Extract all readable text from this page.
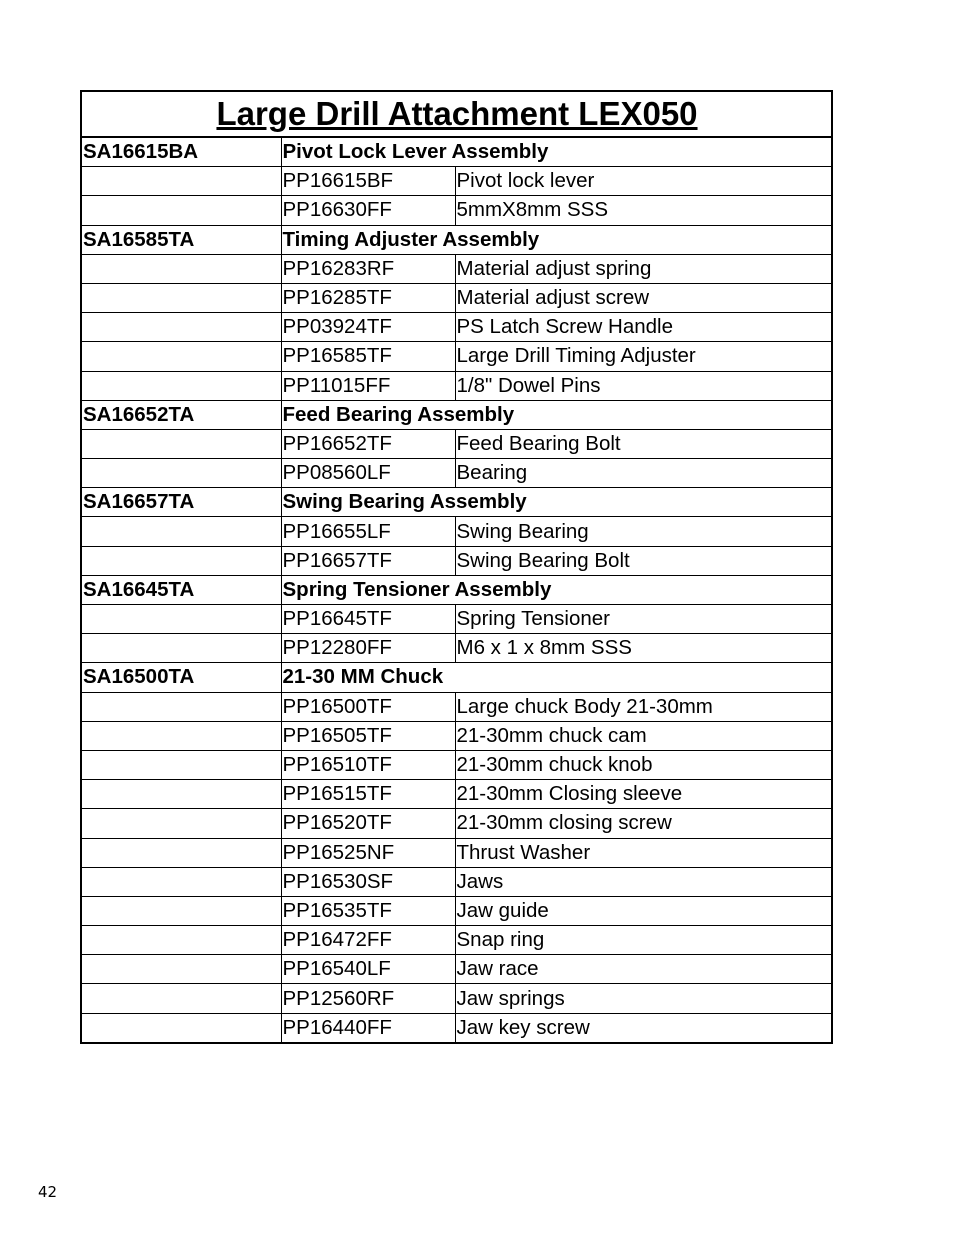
Large Drill Attachment LEX050		
SA16615BA	Pivot Lock Lever Assembly	
	PP16615BF	Pivot lock lever
	PP16630FF	5mmX8mm SSS
SA16585TA	Timing Adjuster Assembly	
	PP16283RF	Material adjust spring
	PP16285TF	Material adjust screw
	PP03924TF	PS Latch Screw Handle
	PP16585TF	Large Drill Timing Adjuster
	PP11015FF	1/8" Dowel Pins
SA16652TA	Feed Bearing Assembly	
	PP16652TF	Feed Bearing Bolt
	PP08560LF	Bearing
SA16657TA	Swing Bearing Assembly	
	PP16655LF	Swing Bearing
	PP16657TF	Swing Bearing Bolt
SA16645TA	Spring Tensioner Assembly	
	PP16645TF	Spring Tensioner
	PP12280FF	M6 x 1 x 8mm SSS
SA16500TA	21-30 MM Chuck	
	PP16500TF	Large chuck Body 21-30mm
	PP16505TF	21-30mm chuck cam
	PP16510TF	21-30mm chuck knob
	PP16515TF	21-30mm Closing sleeve
	PP16520TF	21-30mm closing screw
	PP16525NF	Thrust Washer
	PP16530SF	Jaws
	PP16535TF	Jaw guide
	PP16472FF	Snap ring
	PP16540LF	Jaw race
	PP12560RF	Jaw springs
	PP16440FF	Jaw key screw
42
